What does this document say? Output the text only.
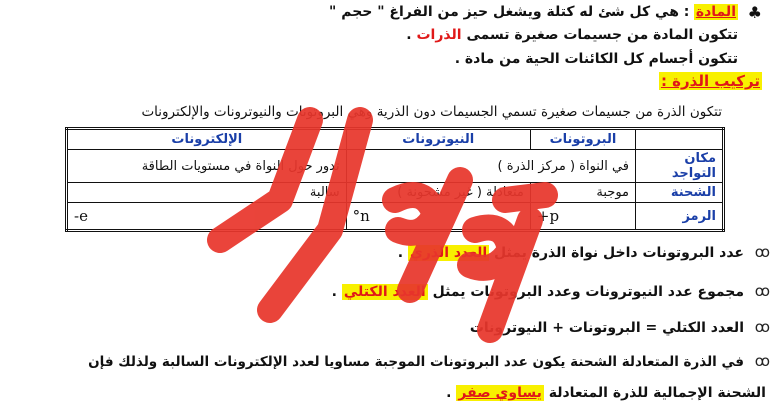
♣
المادة : هي كل شئ له كتلة ويشغل حيز من الفراغ " حجم "
تتكون المادة من جسيمات صغيرة تسمى الذرات .
تتكون أجسام كل الكائنات الحية من مادة .
تركيب الذرة :
تتكون الذرة من جسيمات صغيرة تسمي الجسيمات دون الذرية وهي البروتونات والنيوترونات والإلكترونات
	البروتونات	النيوترونات	الإلكترونات
مكان التواجد	في النواة ( مركز الذرة )		تدور حول النواة في مستويات الطاقة
الشحنة	موجبة	متعادلة ( غير مشحونة )	سالبة
الرمز	p+	n°	e-
ꝏ
عدد البروتونات داخل نواة الذرة يمثل العدد الذري .
ꝏ
مجموع عدد النيوترونات وعدد البروتونات يمثل العدد الكتلي .
ꝏ
العدد الكتلي = البروتونات + النيوترونات
ꝏ
في الذرة المتعادلة الشحنة يكون عدد البروتونات الموجبة مساويا لعدد الإلكترونات السالبة ولذلك فإن
الشحنة الإجمالية للذرة المتعادلة يساوي صفر .
